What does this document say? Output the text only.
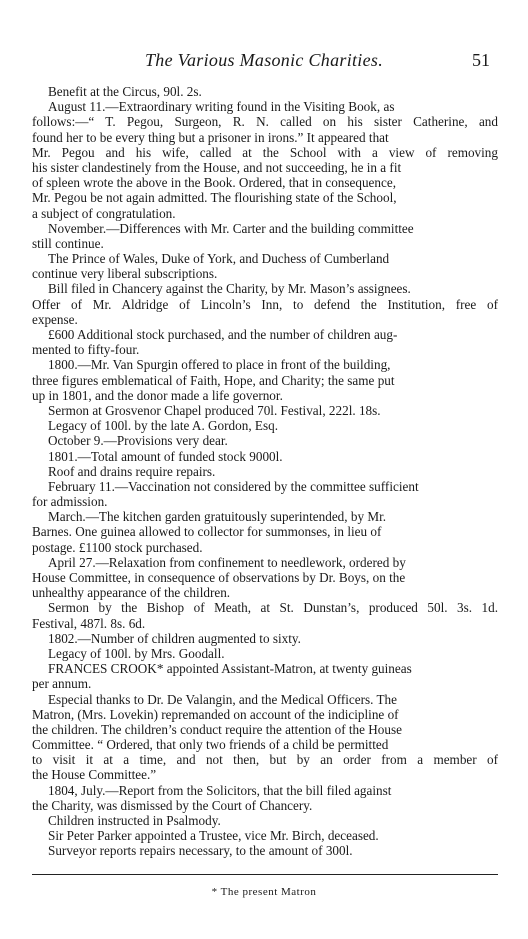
The Various Masonic Charities.	51
Benefit at the Circus, 90l. 2s.
August 11.—Extraordinary writing found in the Visiting Book, as
follows:—“ T. Pegou, Surgeon, R. N. called on his sister Catherine, and
found her to be every thing but a prisoner in irons.” It appeared that
Mr. Pegou and his wife, called at the School with a view of removing
his sister clandestinely from the House, and not succeeding, he in a fit
of spleen wrote the above in the Book. Ordered, that in consequence,
Mr. Pegou be not again admitted. The flourishing state of the School,
a subject of congratulation.
November.—Differences with Mr. Carter and the building committee
still continue.
The Prince of Wales, Duke of York, and Duchess of Cumberland
continue very liberal subscriptions.
Bill filed in Chancery against the Charity, by Mr. Mason’s assignees.
Offer of Mr. Aldridge of Lincoln’s Inn, to defend the Institution, free of
expense.
£600 Additional stock purchased, and the number of children aug-
mented to fifty-four.
1800.—Mr. Van Spurgin offered to place in front of the building,
three figures emblematical of Faith, Hope, and Charity; the same put
up in 1801, and the donor made a life governor.
Sermon at Grosvenor Chapel produced 70l. Festival, 222l. 18s.
Legacy of 100l. by the late A. Gordon, Esq.
October 9.—Provisions very dear.
1801.—Total amount of funded stock 9000l.
Roof and drains require repairs.
February 11.—Vaccination not considered by the committee sufficient
for admission.
March.—The kitchen garden gratuitously superintended, by Mr.
Barnes. One guinea allowed to collector for summonses, in lieu of
postage. £1100 stock purchased.
April 27.—Relaxation from confinement to needlework, ordered by
House Committee, in consequence of observations by Dr. Boys, on the
unhealthy appearance of the children.
Sermon by the Bishop of Meath, at St. Dunstan’s, produced 50l. 3s. 1d.
Festival, 487l. 8s. 6d.
1802.—Number of children augmented to sixty.
Legacy of 100l. by Mrs. Goodall.
FRANCES CROOK* appointed Assistant-Matron, at twenty guineas
per annum.
Especial thanks to Dr. De Valangin, and the Medical Officers. The
Matron, (Mrs. Lovekin) repremanded on account of the indicipline of
the children. The children’s conduct require the attention of the House
Committee. “ Ordered, that only two friends of a child be permitted
to visit it at a time, and not then, but by an order from a member of
the House Committee.”
1804, July.—Report from the Solicitors, that the bill filed against
the Charity, was dismissed by the Court of Chancery.
Children instructed in Psalmody.
Sir Peter Parker appointed a Trustee, vice Mr. Birch, deceased.
Surveyor reports repairs necessary, to the amount of 300l.
* The present Matron
